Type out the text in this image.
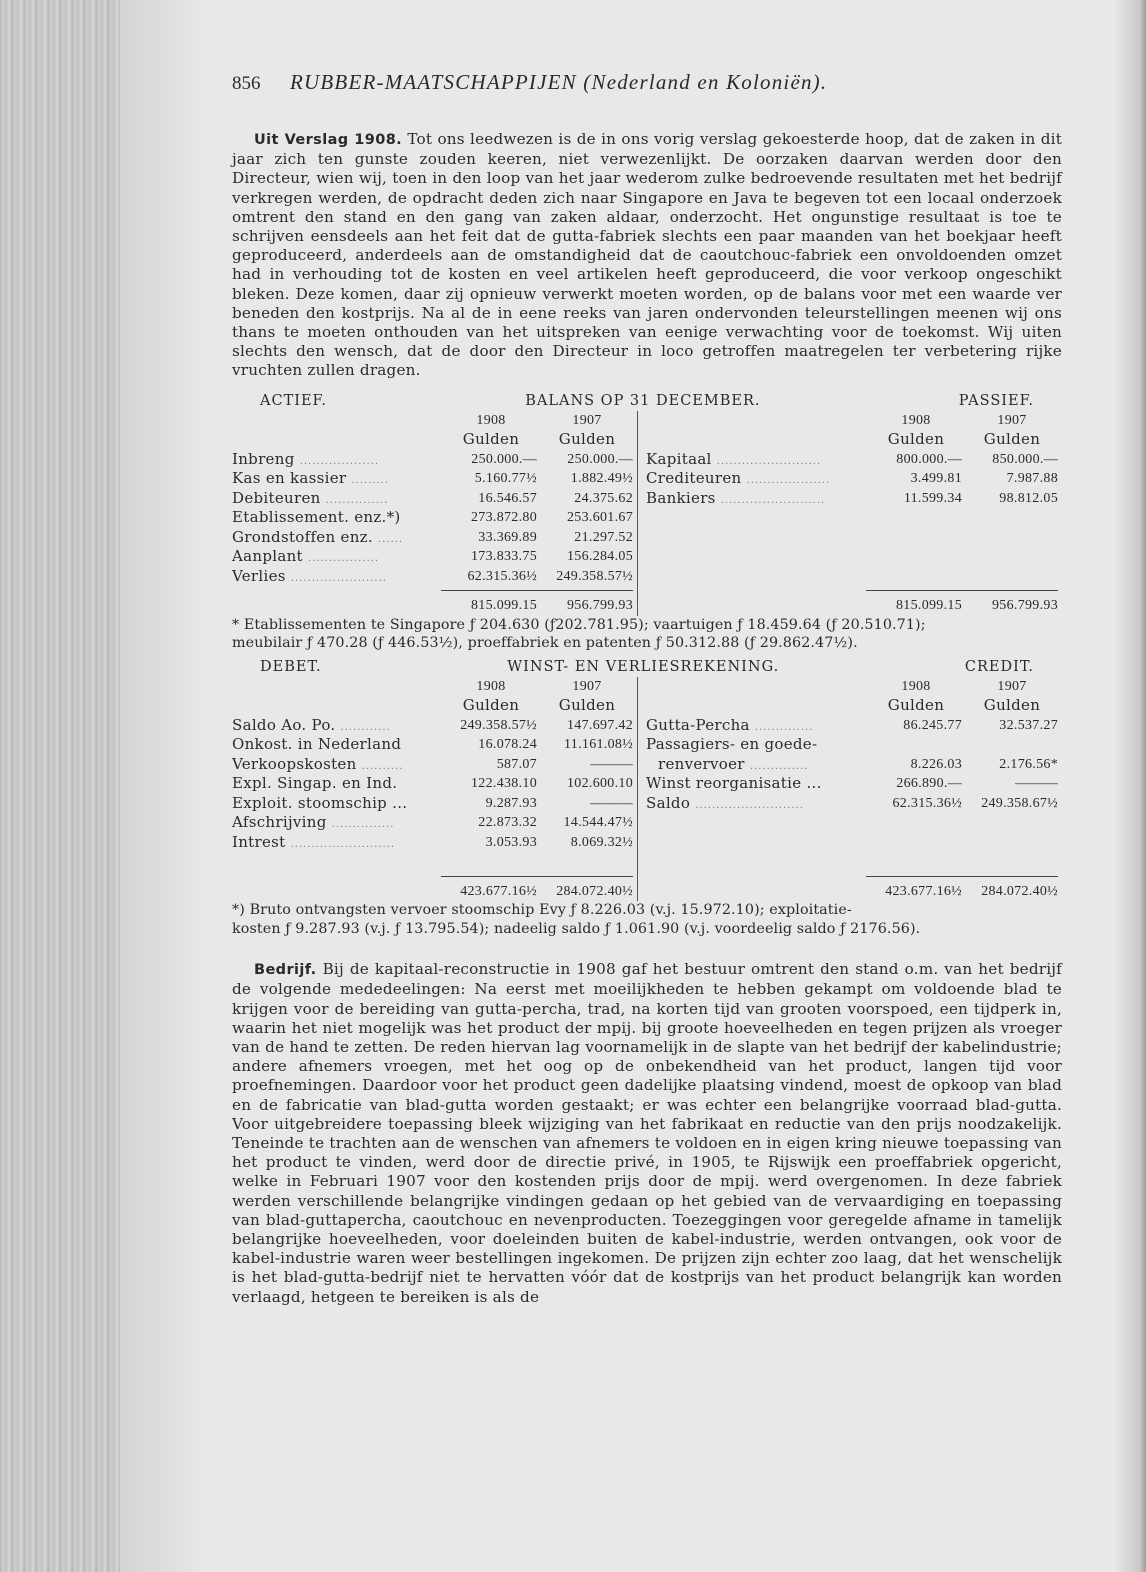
856	RUBBER-MAATSCHAPPIJEN (Nederland en Koloniën).

Uit Verslag 1908. Tot ons leedwezen is de in ons vorig verslag gekoesterde hoop, dat de zaken in dit jaar zich ten gunste zouden keeren, niet verwezenlijkt. De oorzaken daarvan werden door den Directeur, wien wij, toen in den loop van het jaar wederom zulke bedroevende resultaten met het bedrijf verkregen werden, de opdracht deden zich naar Singapore en Java te begeven tot een locaal onderzoek omtrent den stand en den gang van zaken aldaar, onderzocht. Het ongunstige resultaat is toe te schrijven eensdeels aan het feit dat de gutta-fabriek slechts een paar maanden van het boekjaar heeft geproduceerd, anderdeels aan de omstandigheid dat de caoutchouc-fabriek een onvoldoenden omzet had in verhouding tot de kosten en veel artikelen heeft geproduceerd, die voor verkoop ongeschikt bleken. Deze komen, daar zij opnieuw verwerkt moeten worden, op de balans voor met een waarde ver beneden den kostprijs. Na al de in eene reeks van jaren ondervonden teleurstellingen meenen wij ons thans te moeten onthouden van het uitspreken van eenige verwachting voor de toekomst. Wij uiten slechts den wensch, dat de door den Directeur in loco getroffen maatregelen ter verbetering rijke vruchten zullen dragen.

ACTIEF.	BALANS OP 31 DECEMBER.	PASSIEF.
1908	1907
Gulden	Gulden
Inbreng ...................	250.000.—	250.000.—
Kas en kassier .........	5.160.77½	1.882.49½
Debiteuren ...............	16.546.57	24.375.62
Etablissement. enz.*)	273.872.80	253.601.67
Grondstoffen enz. ......	33.369.89	21.297.52
Aanplant .................	173.833.75	156.284.05
Verlies .......................	62.315.36½	249.358.57½
815.099.15	956.799.93
1908	1907
Gulden	Gulden
Kapitaal .........................	800.000.—	850.000.—
Crediteuren ....................	3.499.81	7.987.88
Bankiers .........................	11.599.34	98.812.05
815.099.15	956.799.93

* Etablissementen te Singapore ƒ 204.630 (ƒ202.781.95); vaartuigen ƒ 18.459.64 (ƒ 20.510.71);
meubilair ƒ 470.28 (ƒ 446.53½), proeffabriek en patenten ƒ 50.312.88 (ƒ 29.862.47½).

DEBET.	WINST- EN VERLIESREKENING.	CREDIT.
1908	1907
Gulden	Gulden
Saldo Ao. Po. ............	249.358.57½	147.697.42
Onkost. in Nederland	16.078.24	11.161.08½
Verkoopskosten ..........	587.07	———
Expl. Singap. en Ind.	122.438.10	102.600.10
Exploit. stoomschip ...	9.287.93	———
Afschrijving ...............	22.873.32	14.544.47½
Intrest .........................	3.053.93	8.069.32½
423.677.16½	284.072.40½
1908	1907
Gulden	Gulden
Gutta-Percha ..............	86.245.77	32.537.27
Passagiers- en goede-
renvervoer ..............	8.226.03	2.176.56*
Winst reorganisatie ...	266.890.—	———
Saldo ..........................	62.315.36½	249.358.67½
423.677.16½	284.072.40½

*) Bruto ontvangsten vervoer stoomschip Evy ƒ 8.226.03 (v.j. 15.972.10); exploitatie-
kosten ƒ 9.287.93 (v.j. ƒ 13.795.54); nadeelig saldo ƒ 1.061.90 (v.j. voordeelig saldo ƒ 2176.56).

Bedrijf. Bij de kapitaal-reconstructie in 1908 gaf het bestuur omtrent den stand o.m. van het bedrijf de volgende mededeelingen: Na eerst met moeilijkheden te hebben gekampt om voldoende blad te krijgen voor de bereiding van gutta-percha, trad, na korten tijd van grooten voorspoed, een tijdperk in, waarin het niet mogelijk was het product der mpij. bij groote hoeveelheden en tegen prijzen als vroeger van de hand te zetten. De reden hiervan lag voornamelijk in de slapte van het bedrijf der kabelindustrie; andere afnemers vroegen, met het oog op de onbekendheid van het product, langen tijd voor proefnemingen. Daardoor voor het product geen dadelijke plaatsing vindend, moest de opkoop van blad en de fabricatie van blad-gutta worden gestaakt; er was echter een belangrijke voorraad blad-gutta. Voor uitgebreidere toepassing bleek wijziging van het fabrikaat en reductie van den prijs noodzakelijk. Teneinde te trachten aan de wenschen van afnemers te voldoen en in eigen kring nieuwe toepassing van het product te vinden, werd door de directie privé, in 1905, te Rijswijk een proeffabriek opgericht, welke in Februari 1907 voor den kostenden prijs door de mpij. werd overgenomen. In deze fabriek werden verschillende belangrijke vindingen gedaan op het gebied van de vervaardiging en toepassing van blad-guttapercha, caoutchouc en nevenproducten. Toezeggingen voor geregelde afname in tamelijk belangrijke hoeveelheden, voor doeleinden buiten de kabel-industrie, werden ontvangen, ook voor de kabel-industrie waren weer bestellingen ingekomen. De prijzen zijn echter zoo laag, dat het wenschelijk is het blad-gutta-bedrijf niet te hervatten vóór dat de kostprijs van het product belangrijk kan worden verlaagd, hetgeen te bereiken is als de
